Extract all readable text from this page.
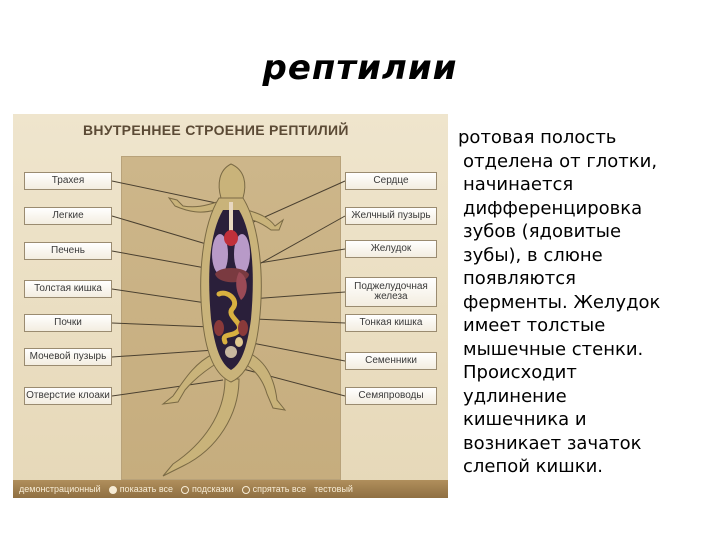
рептилии
ВНУТРЕННЕЕ СТРОЕНИЕ РЕПТИЛИЙ
Трахея
Легкие
Печень
Толстая кишка
Почки
Мочевой пузырь
Отверстие клоаки
Сердце
Желчный пузырь
Желудок
Поджелудочная железа
Тонкая кишка
Семенники
Семяпроводы
демонстрационный	показать все	подсказки	спрятать все тестовый
ротовая полость
отделена от глотки,
начинается
дифференцировка
зубов (ядовитые
зубы), в слюне
появляются
ферменты. Желудок
имеет толстые
мышечные стенки.
Происходит
удлинение
кишечника и
возникает зачаток
слепой кишки.
